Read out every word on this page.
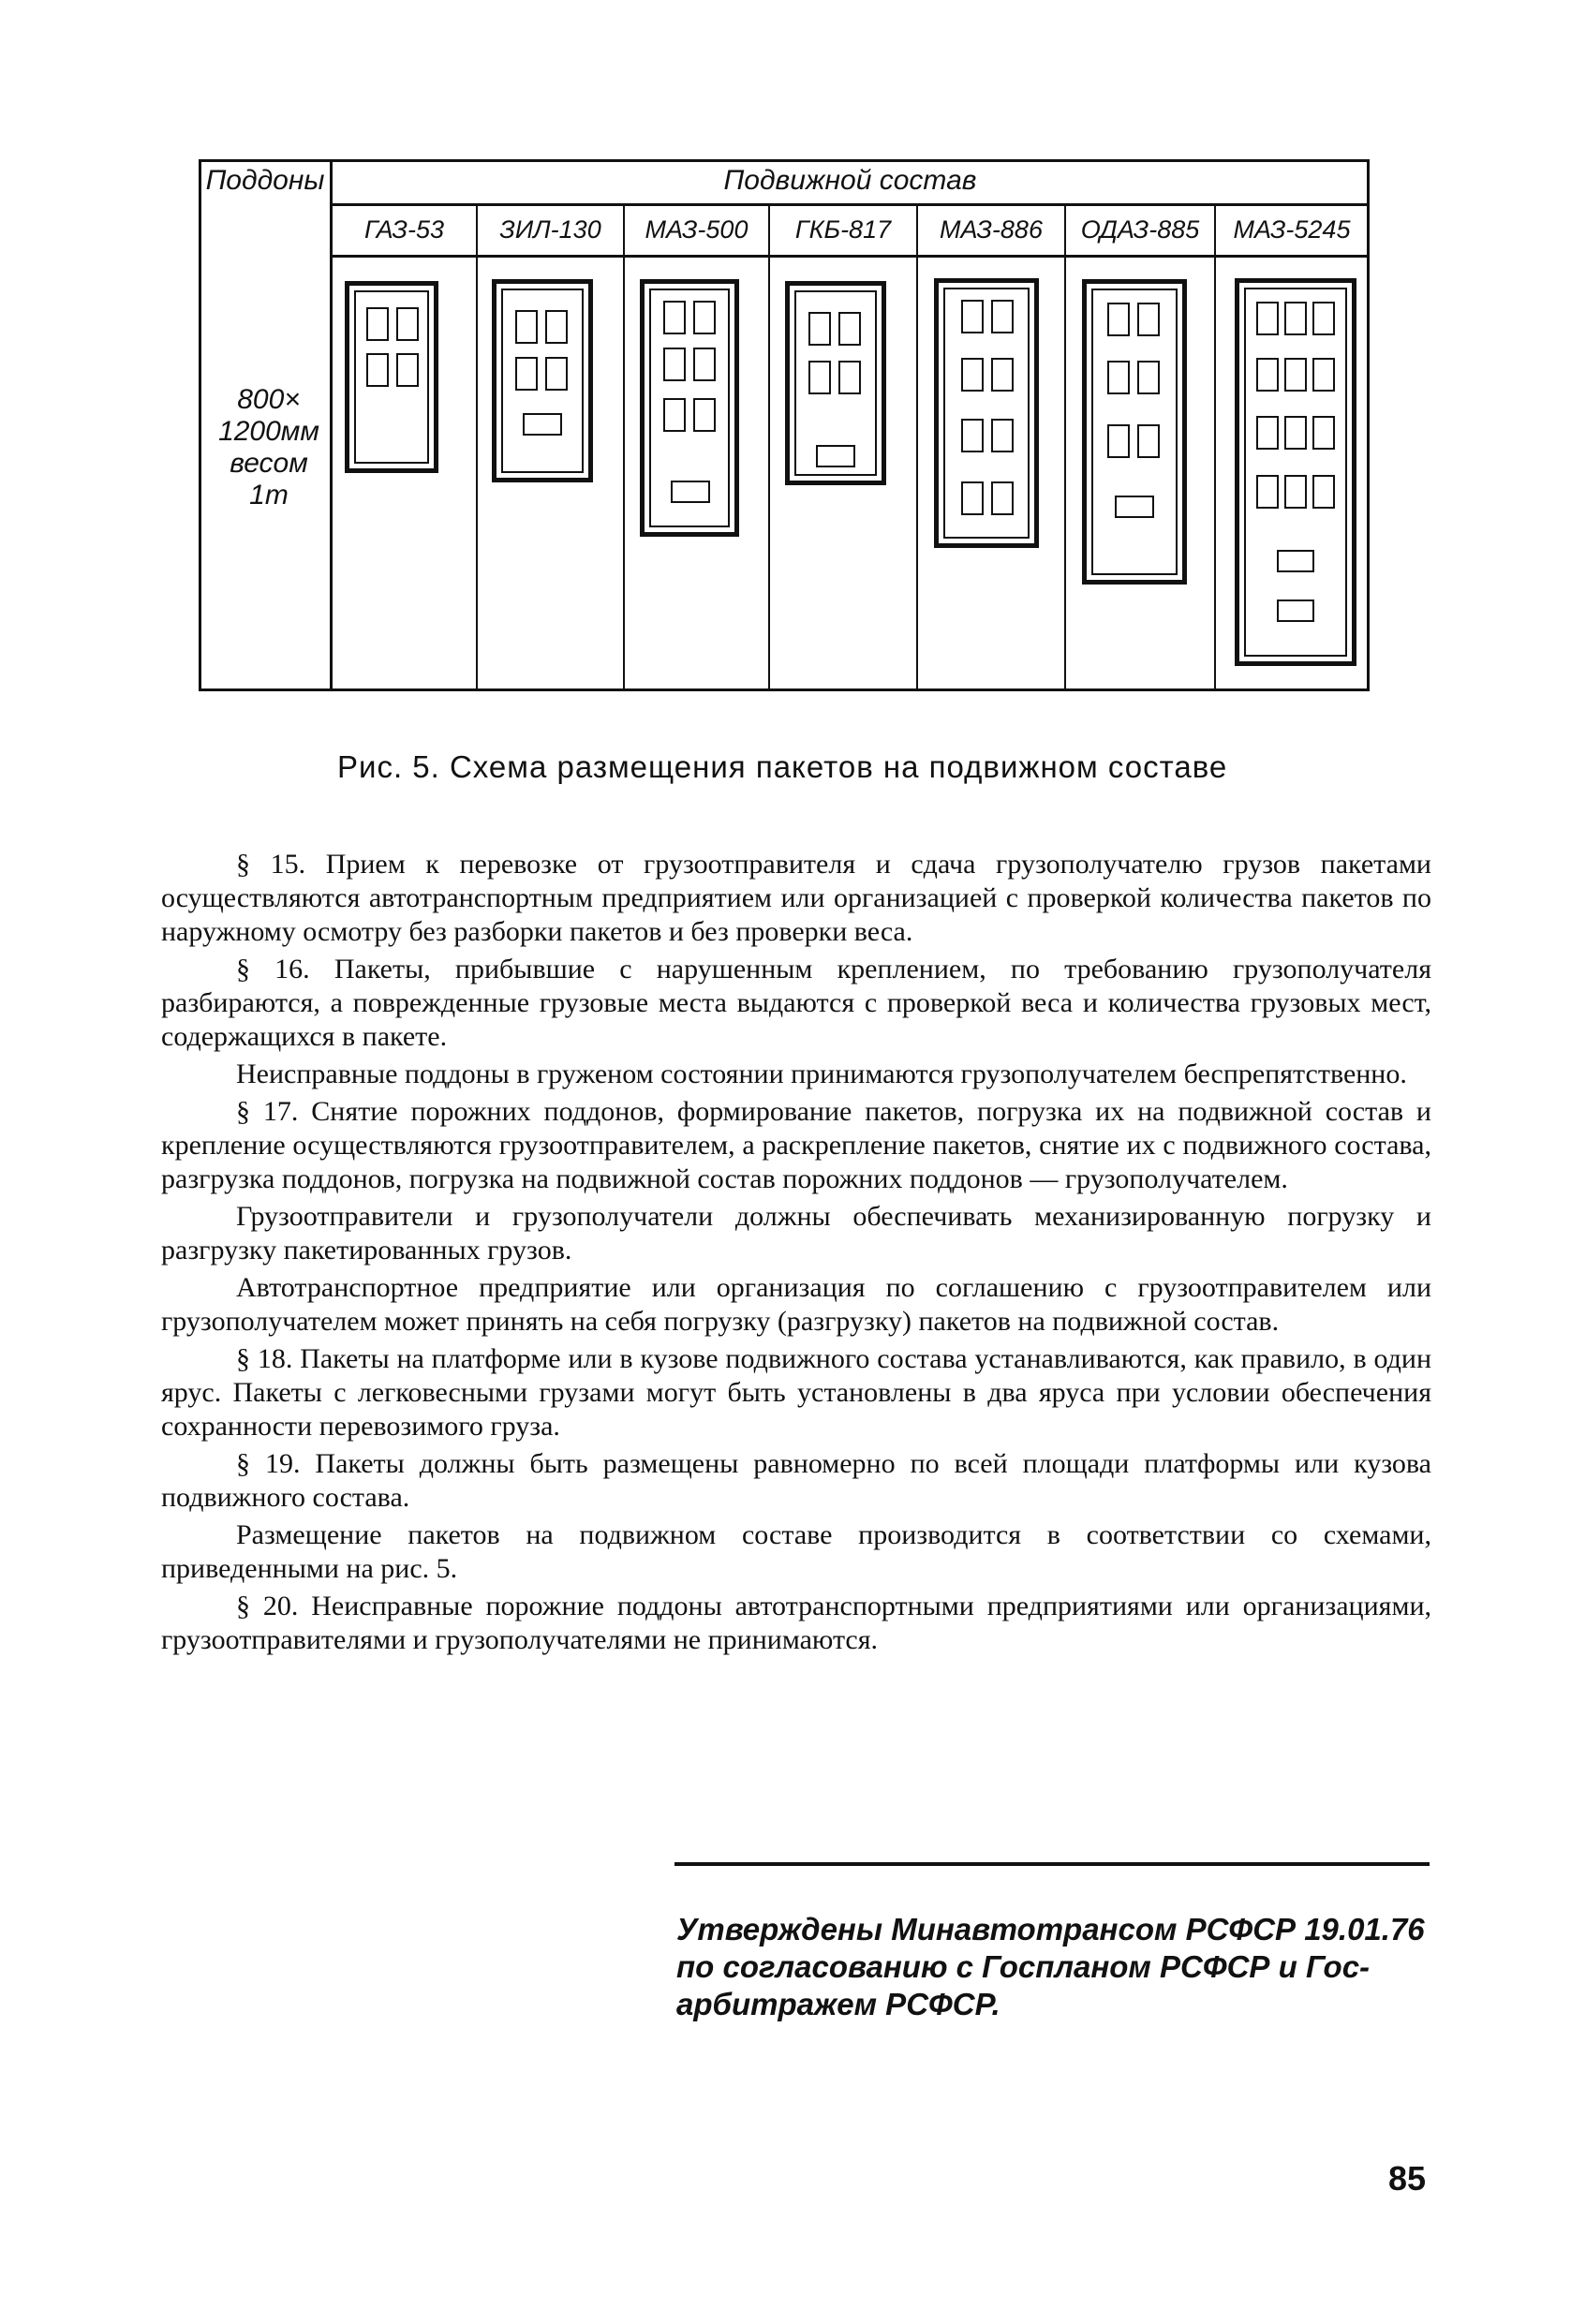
Поддоны	Подвижной состав
ГАЗ-53	ЗИЛ-130	МАЗ-500	ГКБ-817	МАЗ-886	ОДАЗ-885	МАЗ-5245
800×
1200мм
весом
1т
Рис. 5. Схема размещения пакетов на подвижном составе

§ 15. Прием к перевозке от грузоотправителя и сдача грузополучателю грузов пакетами осуществляются автотранспортным предприятием или организацией с проверкой количества пакетов по наружному осмотру без разборки пакетов и без проверки веса.

§ 16. Пакеты, прибывшие с нарушенным креплением, по требованию грузополучателя разбираются, а поврежденные грузовые места выдаются с проверкой веса и количества грузовых мест, содержащихся в пакете.

Неисправные поддоны в груженом состоянии принимаются грузополучателем беспрепятственно.

§ 17. Снятие порожних поддонов, формирование пакетов, погрузка их на подвижной состав и крепление осуществляются грузоотправителем, а раскрепление пакетов, снятие их с подвижного состава, разгрузка поддонов, погрузка на подвижной состав порожних поддонов — грузополучателем.

Грузоотправители и грузополучатели должны обеспечивать механизированную погрузку и разгрузку пакетированных грузов.

Автотранспортное предприятие или организация по соглашению с грузоотправителем или грузополучателем может принять на себя погрузку (разгрузку) пакетов на подвижной состав.

§ 18. Пакеты на платформе или в кузове подвижного состава устанавливаются, как правило, в один ярус. Пакеты с легковесными грузами могут быть установлены в два яруса при условии обеспечения сохранности перевозимого груза.

§ 19. Пакеты должны быть размещены равномерно по всей площади платформы или кузова подвижного состава.

Размещение пакетов на подвижном составе производится в соответствии со схемами, приведенными на рис. 5.

§ 20. Неисправные порожние поддоны автотранспортными предприятиями или организациями, грузоотправителями и грузополучателями не принимаются.

Утверждены Минавтотрансом РСФСР 19.01.76
по согласованию с Госпланом РСФСР и Гос-
арбитражем РСФСР.
85
